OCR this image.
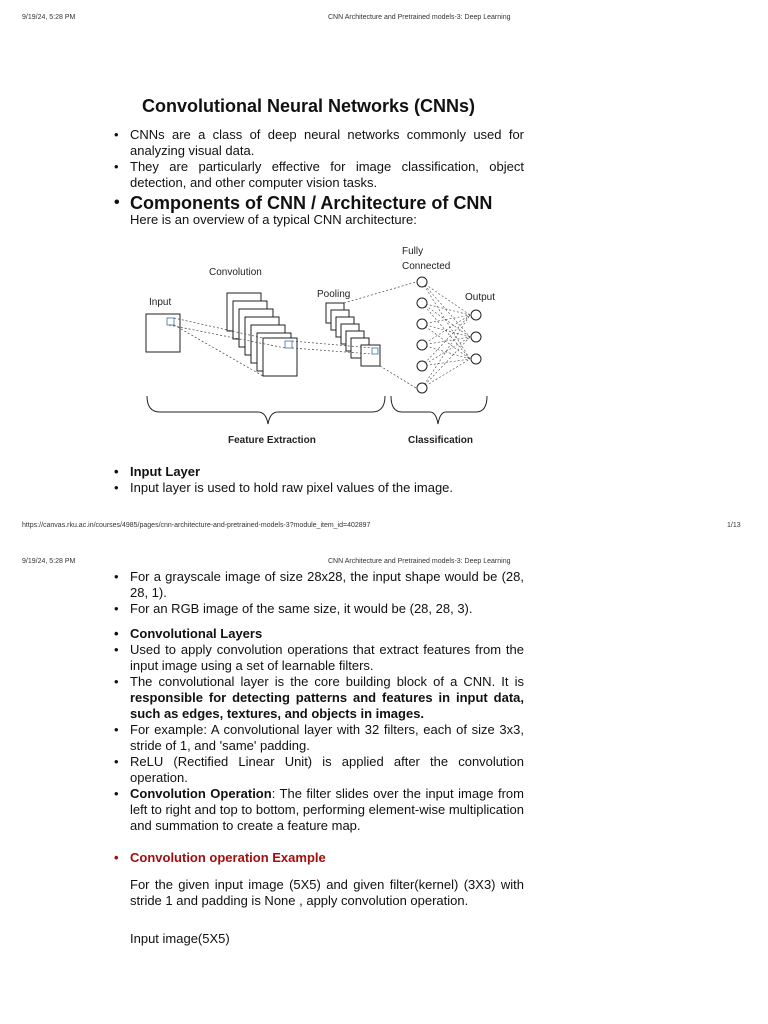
9/19/24, 5:28 PM	CNN Architecture and Pretrained models-3: Deep Learning
Convolutional Neural Networks (CNNs)
• CNNs are a class of deep neural networks commonly used for analyzing visual data.
• They are particularly effective for image classification, object detection, and other computer vision tasks.
• Components of CNN / Architecture of CNN
Here is an overview of a typical CNN architecture:
Fully
Connected
Convolution
Pooling
Input	Output
Feature Extraction	Classification
• Input Layer
• Input layer is used to hold raw pixel values of the image.
https://canvas.rku.ac.in/courses/4985/pages/cnn-architecture-and-pretrained-models-3?module_item_id=402897	1/13
9/19/24, 5:28 PM	CNN Architecture and Pretrained models-3: Deep Learning
• For a grayscale image of size 28x28, the input shape would be (28, 28, 1).
• For an RGB image of the same size, it would be (28, 28, 3).
• Convolutional Layers
• Used to apply convolution operations that extract features from the input image using a set of learnable filters.
• The convolutional layer is the core building block of a CNN. It is responsible for detecting patterns and features in input data, such as edges, textures, and objects in images.
• For example: A convolutional layer with 32 filters, each of size 3x3, stride of 1, and 'same' padding.
• ReLU (Rectified Linear Unit) is applied after the convolution operation.
• Convolution Operation: The filter slides over the input image from left to right and top to bottom, performing element-wise multiplication and summation to create a feature map.
• Convolution operation Example
For the given input image (5X5) and given filter(kernel) (3X3) with stride 1 and padding is None , apply convolution operation.
Input image(5X5)
